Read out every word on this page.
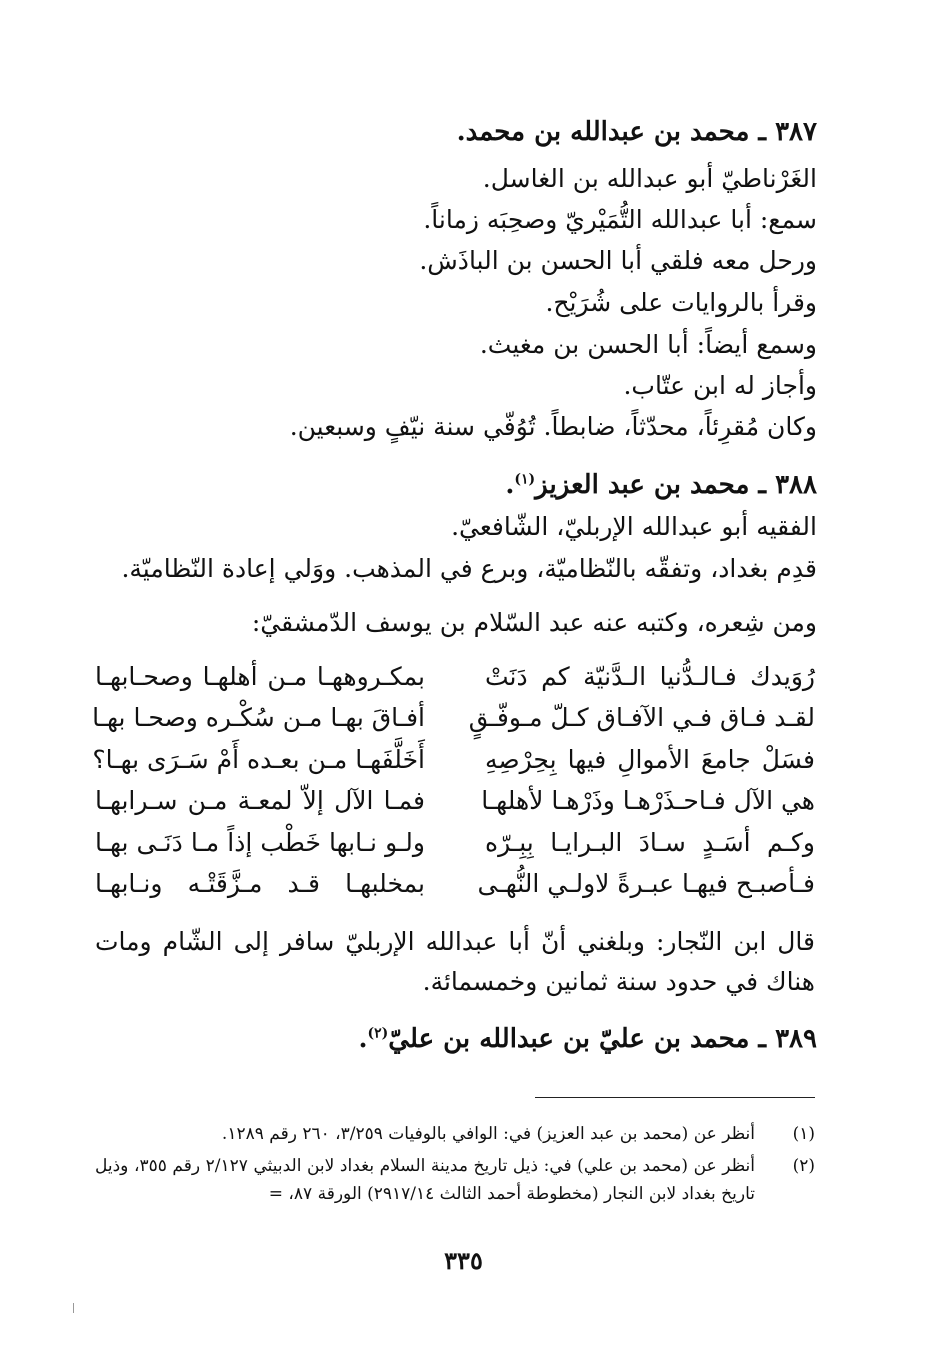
٣٨٧ ـ محمد بن عبدالله بن محمد.
الغَرْناطيّ أبو عبدالله بن الغاسل.
سمع: أبا عبدالله التُّمَيْريّ وصحِبَه زماناً.
ورحل معه فلقي أبا الحسن بن الباذَش.
وقرأ بالروايات على شُرَيْح.
وسمع أيضاً: أبا الحسن بن مغيث.
وأجاز له ابن عتّاب.
وكان مُقرِئاً، محدّثاً، ضابطاً. تُوُفّي سنة نيّفٍ وسبعين.
٣٨٨ ـ محمد بن عبد العزيز$^{(١)}$.
الفقيه أبو عبدالله الإربليّ، الشّافعيّ.
قدِم بغداد، وتفقّه بالنّظاميّة، وبرع في المذهب. ووَلي إعادة النّظاميّة.
ومن شِعره، وكتبه عنه عبد السّلام بن يوسف الدّمشقيّ:
رُوَيدك فـالـدُّنيا الـدَّنيّة كم دَنَتْ
بمكـروههـا مـن أهلهـا وصحـابهـا
لقـد فـاق فـي الآفـاق كـلّ مـوفّـقٍ
أفـاقَ بهـا مـن سُكْـره وصحـا بهـا
فسَلْ جامعَ الأموالِ فيها بِحِرْصِهِ
أَخَلَّفَهـا مـن بعـده أَمْ سَـرَى بهـا؟
هي الآل فـاحـذَرْهـا وذَرْهـا لأهلهـا
فمـا الآل إلاّ لمعـة مـن سـرابهـا
وكـم أسَـدٍ سـادَ البـرايـا بِبِـرّه
ولـو نـابها خَطْب إذاً مـا دَنَـى بهـا
فـأصبـح فيهـا عبـرةً لاولـي النُّهـى
بمخلبهـا قـد مـزَّقَتْـه ونـابهـا
قال ابن النّجار: وبلغني أنّ أبا عبدالله الإربليّ سافر إلى الشّام ومات هناك في حدود سنة ثمانين وخمسمائة.
٣٨٩ ـ محمد بن عليّ بن عبدالله بن عليّ$^{(٢)}$.
(١)
أنظر عن (محمد بن عبد العزيز) في: الوافي بالوفيات ٣/٢٥٩، ٢٦٠ رقم ١٢٨٩.
(٢)
أنظر عن (محمد بن علي) في: ذيل تاريخ مدينة السلام بغداد لابن الدبيثي ٢/١٢٧ رقم ٣٥٥، وذيل تاريخ بغداد لابن النجار (مخطوطة أحمد الثالث ٢٩١٧/١٤) الورقة ٨٧، =
٣٣٥
